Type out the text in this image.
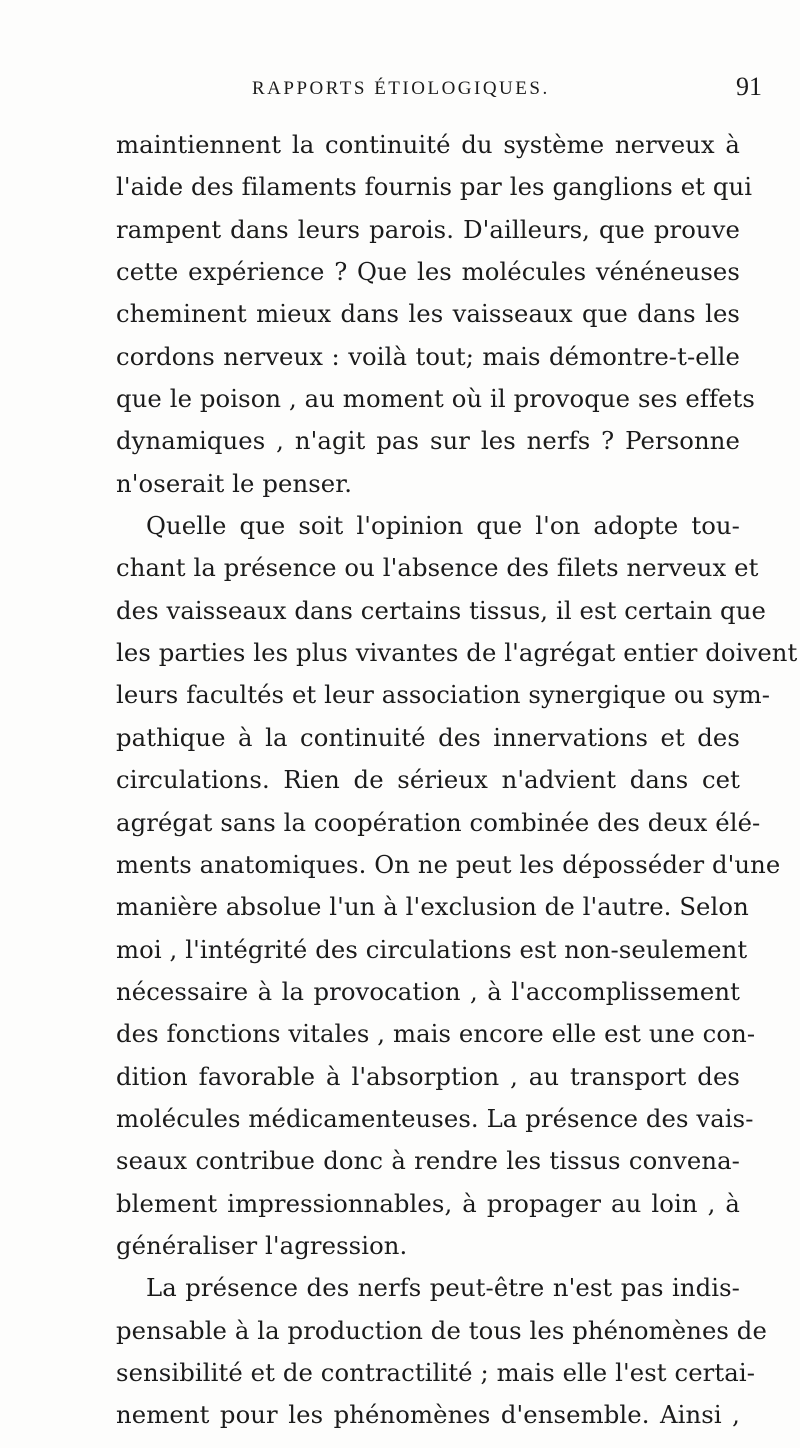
RAPPORTS ÉTIOLOGIQUES.	91
maintiennent la continuité du système nerveux à
l'aide des filaments fournis par les ganglions et qui
rampent dans leurs parois. D'ailleurs, que prouve
cette expérience ? Que les molécules vénéneuses
cheminent mieux dans les vaisseaux que dans les
cordons nerveux : voilà tout; mais démontre-t-elle
que le poison , au moment où il provoque ses effets
dynamiques , n'agit pas sur les nerfs ? Personne
n'oserait le penser.
Quelle que soit l'opinion que l'on adopte tou-
chant la présence ou l'absence des filets nerveux et
des vaisseaux dans certains tissus, il est certain que
les parties les plus vivantes de l'agrégat entier doivent
leurs facultés et leur association synergique ou sym-
pathique à la continuité des innervations et des
circulations. Rien de sérieux n'advient dans cet
agrégat sans la coopération combinée des deux élé-
ments anatomiques. On ne peut les déposséder d'une
manière absolue l'un à l'exclusion de l'autre. Selon
moi , l'intégrité des circulations est non-seulement
nécessaire à la provocation , à l'accomplissement
des fonctions vitales , mais encore elle est une con-
dition favorable à l'absorption , au transport des
molécules médicamenteuses. La présence des vais-
seaux contribue donc à rendre les tissus convena-
blement impressionnables, à propager au loin , à
généraliser l'agression.
La présence des nerfs peut-être n'est pas indis-
pensable à la production de tous les phénomènes de
sensibilité et de contractilité ; mais elle l'est certai-
nement pour les phénomènes d'ensemble. Ainsi ,
